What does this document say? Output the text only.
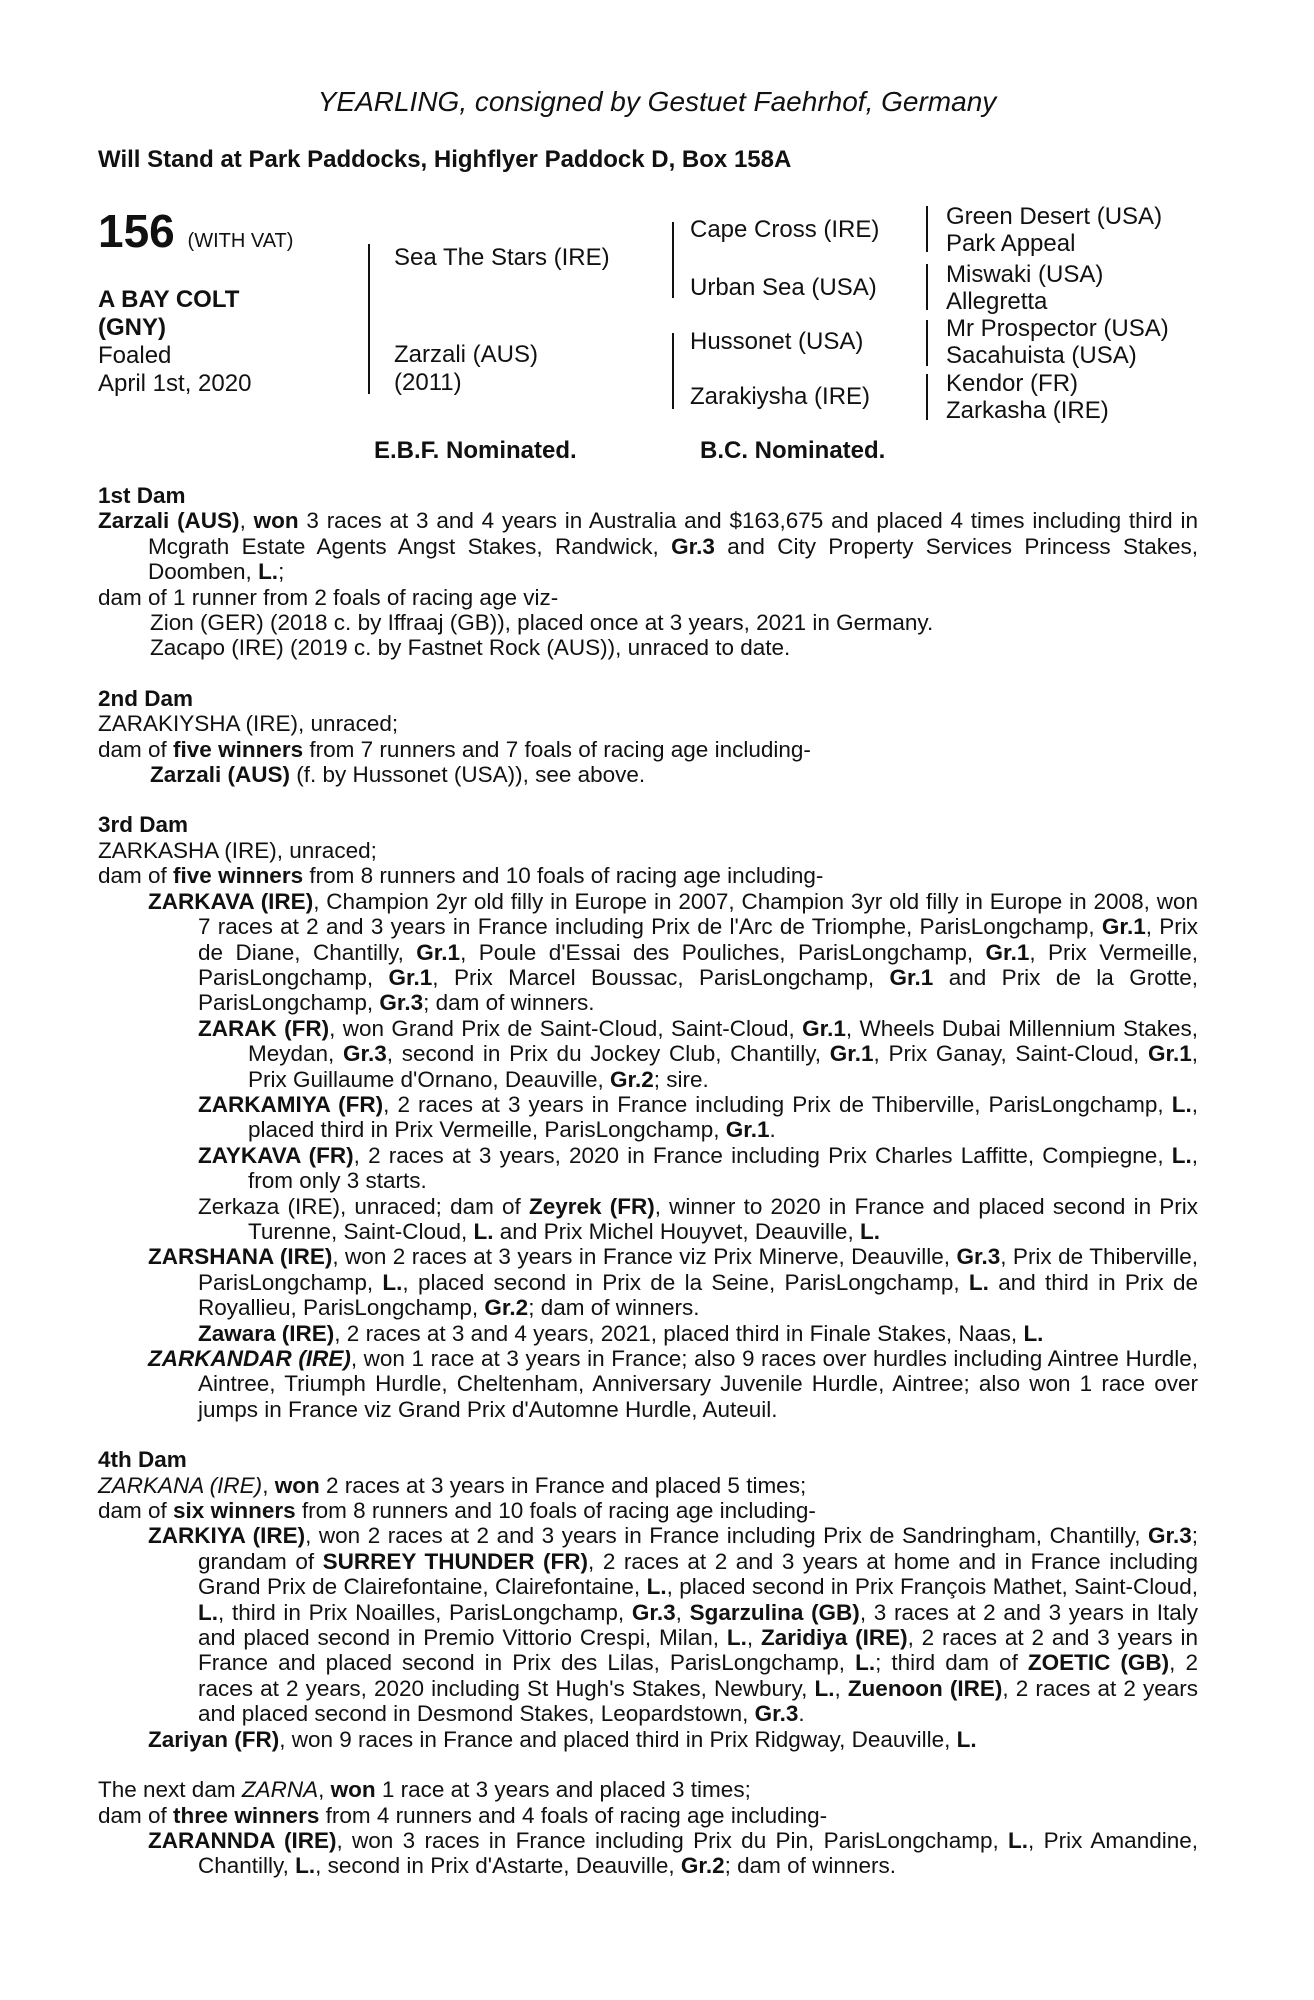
YEARLING, consigned by Gestuet Faehrhof, Germany
Will Stand at Park Paddocks, Highflyer Paddock D, Box 158A
156 (WITH VAT)
A BAY COLT
(GNY)
Foaled
April 1st, 2020
Sea The Stars (IRE)
Zarzali (AUS)
(2011)
Cape Cross (IRE)
Urban Sea (USA)
Hussonet (USA)
Zarakiysha (IRE)
Green Desert (USA)
Park Appeal
Miswaki (USA)
Allegretta
Mr Prospector (USA)
Sacahuista (USA)
Kendor (FR)
Zarkasha (IRE)
E.B.F. Nominated.	B.C. Nominated.

1st Dam

Zarzali (AUS), won 3 races at 3 and 4 years in Australia and $163,675 and placed 4 times including third in Mcgrath Estate Agents Angst Stakes, Randwick, Gr.3 and City Property Services Princess Stakes, Doomben, L.;

dam of 1 runner from 2 foals of racing age viz-

Zion (GER) (2018 c. by Iffraaj (GB)), placed once at 3 years, 2021 in Germany.

Zacapo (IRE) (2019 c. by Fastnet Rock (AUS)), unraced to date.

2nd Dam

ZARAKIYSHA (IRE), unraced;

dam of five winners from 7 runners and 7 foals of racing age including-

Zarzali (AUS) (f. by Hussonet (USA)), see above.

3rd Dam

ZARKASHA (IRE), unraced;

dam of five winners from 8 runners and 10 foals of racing age including-

ZARKAVA (IRE), Champion 2yr old filly in Europe in 2007, Champion 3yr old filly in Europe in 2008, won 7 races at 2 and 3 years in France including Prix de l'Arc de Triomphe, ParisLongchamp, Gr.1, Prix de Diane, Chantilly, Gr.1, Poule d'Essai des Pouliches, ParisLongchamp, Gr.1, Prix Vermeille, ParisLongchamp, Gr.1, Prix Marcel Boussac, ParisLongchamp, Gr.1 and Prix de la Grotte, ParisLongchamp, Gr.3; dam of winners.

ZARAK (FR), won Grand Prix de Saint-Cloud, Saint-Cloud, Gr.1, Wheels Dubai Millennium Stakes, Meydan, Gr.3, second in Prix du Jockey Club, Chantilly, Gr.1, Prix Ganay, Saint-Cloud, Gr.1, Prix Guillaume d'Ornano, Deauville, Gr.2; sire.

ZARKAMIYA (FR), 2 races at 3 years in France including Prix de Thiberville, ParisLongchamp, L., placed third in Prix Vermeille, ParisLongchamp, Gr.1.

ZAYKAVA (FR), 2 races at 3 years, 2020 in France including Prix Charles Laffitte, Compiegne, L., from only 3 starts.

Zerkaza (IRE), unraced; dam of Zeyrek (FR), winner to 2020 in France and placed second in Prix Turenne, Saint-Cloud, L. and Prix Michel Houyvet, Deauville, L.

ZARSHANA (IRE), won 2 races at 3 years in France viz Prix Minerve, Deauville, Gr.3, Prix de Thiberville, ParisLongchamp, L., placed second in Prix de la Seine, ParisLongchamp, L. and third in Prix de Royallieu, ParisLongchamp, Gr.2; dam of winners.

Zawara (IRE), 2 races at 3 and 4 years, 2021, placed third in Finale Stakes, Naas, L.

ZARKANDAR (IRE), won 1 race at 3 years in France; also 9 races over hurdles including Aintree Hurdle, Aintree, Triumph Hurdle, Cheltenham, Anniversary Juvenile Hurdle, Aintree; also won 1 race over jumps in France viz Grand Prix d'Automne Hurdle, Auteuil.

4th Dam

ZARKANA (IRE), won 2 races at 3 years in France and placed 5 times;

dam of six winners from 8 runners and 10 foals of racing age including-

ZARKIYA (IRE), won 2 races at 2 and 3 years in France including Prix de Sandringham, Chantilly, Gr.3; grandam of SURREY THUNDER (FR), 2 races at 2 and 3 years at home and in France including Grand Prix de Clairefontaine, Clairefontaine, L., placed second in Prix François Mathet, Saint-Cloud, L., third in Prix Noailles, ParisLongchamp, Gr.3, Sgarzulina (GB), 3 races at 2 and 3 years in Italy and placed second in Premio Vittorio Crespi, Milan, L., Zaridiya (IRE), 2 races at 2 and 3 years in France and placed second in Prix des Lilas, ParisLongchamp, L.; third dam of ZOETIC (GB), 2 races at 2 years, 2020 including St Hugh's Stakes, Newbury, L., Zuenoon (IRE), 2 races at 2 years and placed second in Desmond Stakes, Leopardstown, Gr.3.

Zariyan (FR), won 9 races in France and placed third in Prix Ridgway, Deauville, L.

The next dam ZARNA, won 1 race at 3 years and placed 3 times;

dam of three winners from 4 runners and 4 foals of racing age including-

ZARANNDA (IRE), won 3 races in France including Prix du Pin, ParisLongchamp, L., Prix Amandine, Chantilly, L., second in Prix d'Astarte, Deauville, Gr.2; dam of winners.
